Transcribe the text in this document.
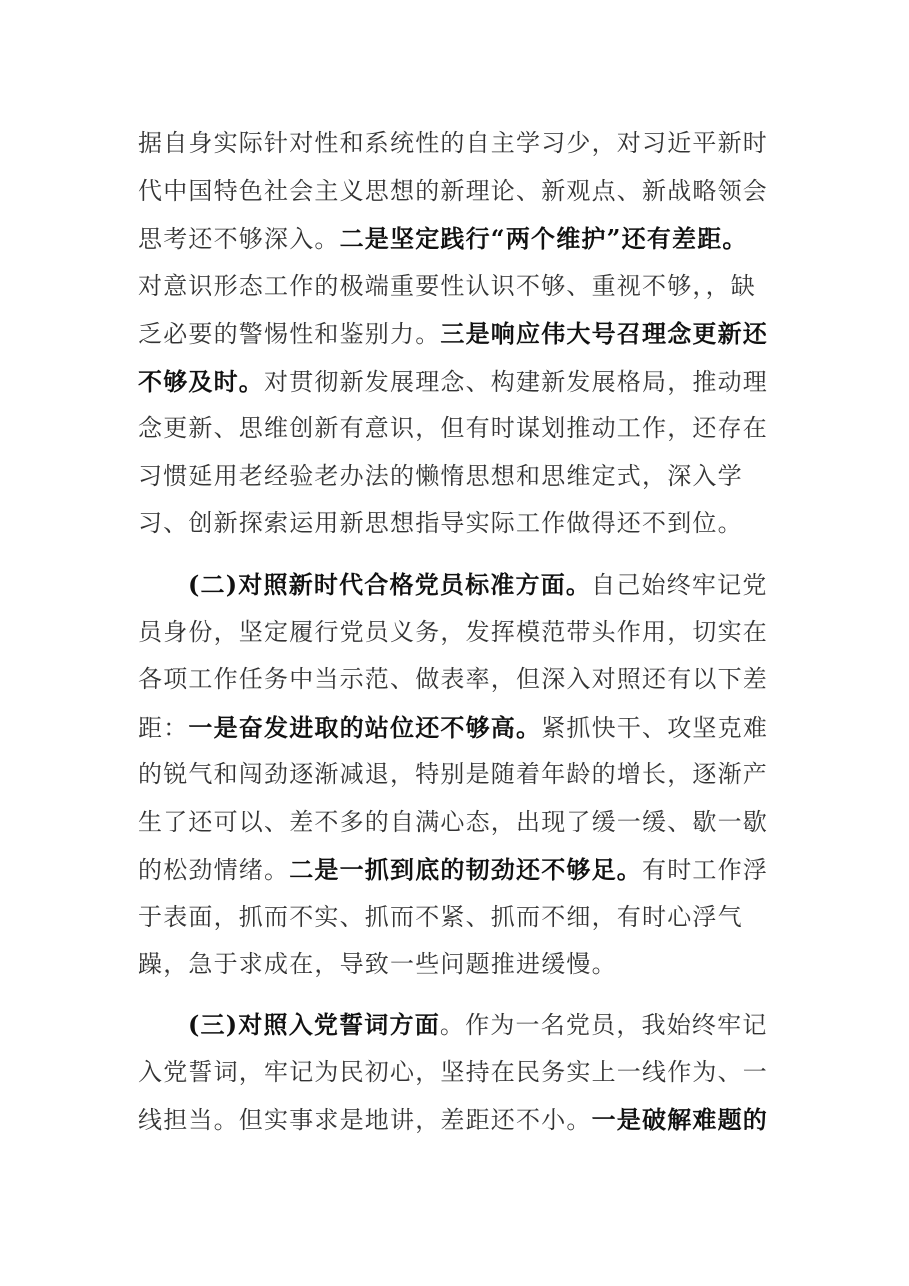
据自身实际针对性和系统性的自主学习少，对习近平新时
代中国特色社会主义思想的新理论、新观点、新战略领会
思考还不够深入。二是坚定践行“两个维护”还有差距。
对意识形态工作的极端重要性认识不够、重视不够，，缺
乏必要的警惕性和鉴别力。三是响应伟大号召理念更新还
不够及时。对贯彻新发展理念、构建新发展格局，推动理
念更新、思维创新有意识，但有时谋划推动工作，还存在
习惯延用老经验老办法的懒惰思想和思维定式，深入学
习、创新探索运用新思想指导实际工作做得还不到位。
(二)对照新时代合格党员标准方面。自己始终牢记党
员身份，坚定履行党员义务，发挥模范带头作用，切实在
各项工作任务中当示范、做表率，但深入对照还有以下差
距：一是奋发进取的站位还不够高。紧抓快干、攻坚克难
的锐气和闯劲逐渐减退，特别是随着年龄的增长，逐渐产
生了还可以、差不多的自满心态，出现了缓一缓、歇一歇
的松劲情绪。二是一抓到底的韧劲还不够足。有时工作浮
于表面，抓而不实、抓而不紧、抓而不细，有时心浮气
躁，急于求成在，导致一些问题推进缓慢。
(三)对照入党誓词方面。作为一名党员，我始终牢记
入党誓词，牢记为民初心，坚持在民务实上一线作为、一
线担当。但实事求是地讲，差距还不小。一是破解难题的
